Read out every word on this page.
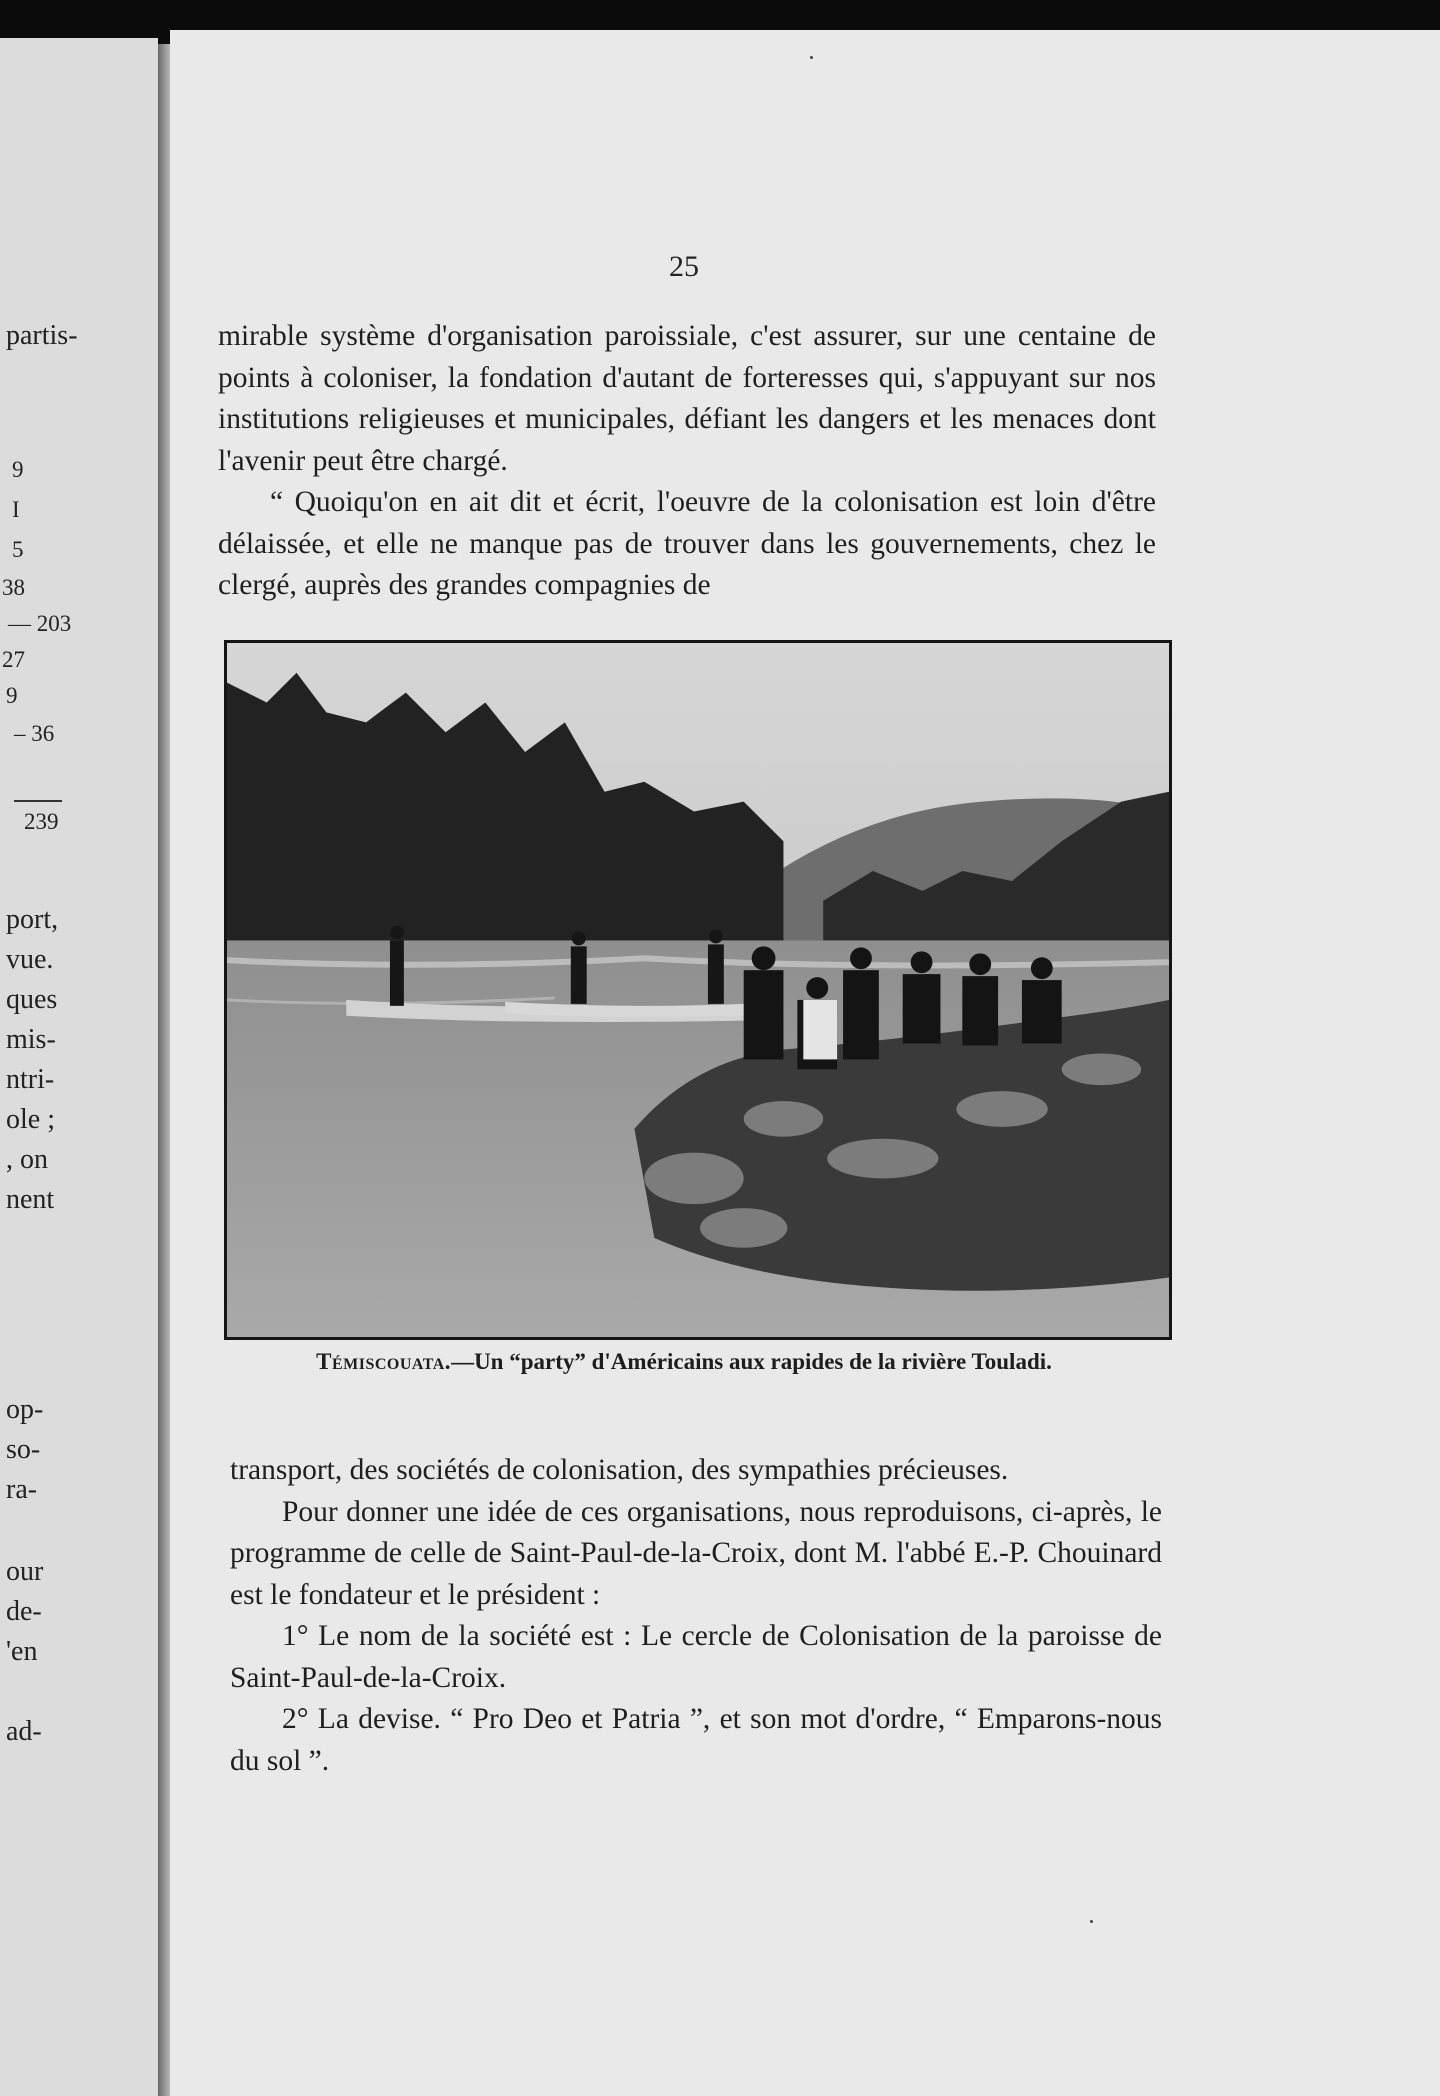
partis-
9
I
5
38
— 203
27
9
– 36
239
port,
vue.
ques
mis-
ntri-
ole ;
, on
nent
op-
so-
ra-
our
de-
'en
ad-
25

mirable système d'organisation paroissiale, c'est assurer, sur une centaine de points à coloniser, la fondation d'autant de forteresses qui, s'appuyant sur nos institutions religieuses et municipales, défiant les dangers et les menaces dont l'avenir peut être chargé.

“ Quoiqu'on en ait dit et écrit, l'oeuvre de la colonisation est loin d'être délaissée, et elle ne manque pas de trouver dans les gouvernements, chez le clergé, auprès des grandes compagnies de

Témiscouata.—Un “party” d'Américains aux rapides de la rivière Touladi.

transport, des sociétés de colonisation, des sympathies précieuses.

Pour donner une idée de ces organisations, nous reproduisons, ci-après, le programme de celle de Saint-Paul-de-la-Croix, dont M. l'abbé E.-P. Chouinard est le fondateur et le président :

1° Le nom de la société est : Le cercle de Colonisation de la paroisse de Saint-Paul-de-la-Croix.

2° La devise. “ Pro Deo et Patria ”, et son mot d'ordre, “ Emparons-nous du sol ”.
